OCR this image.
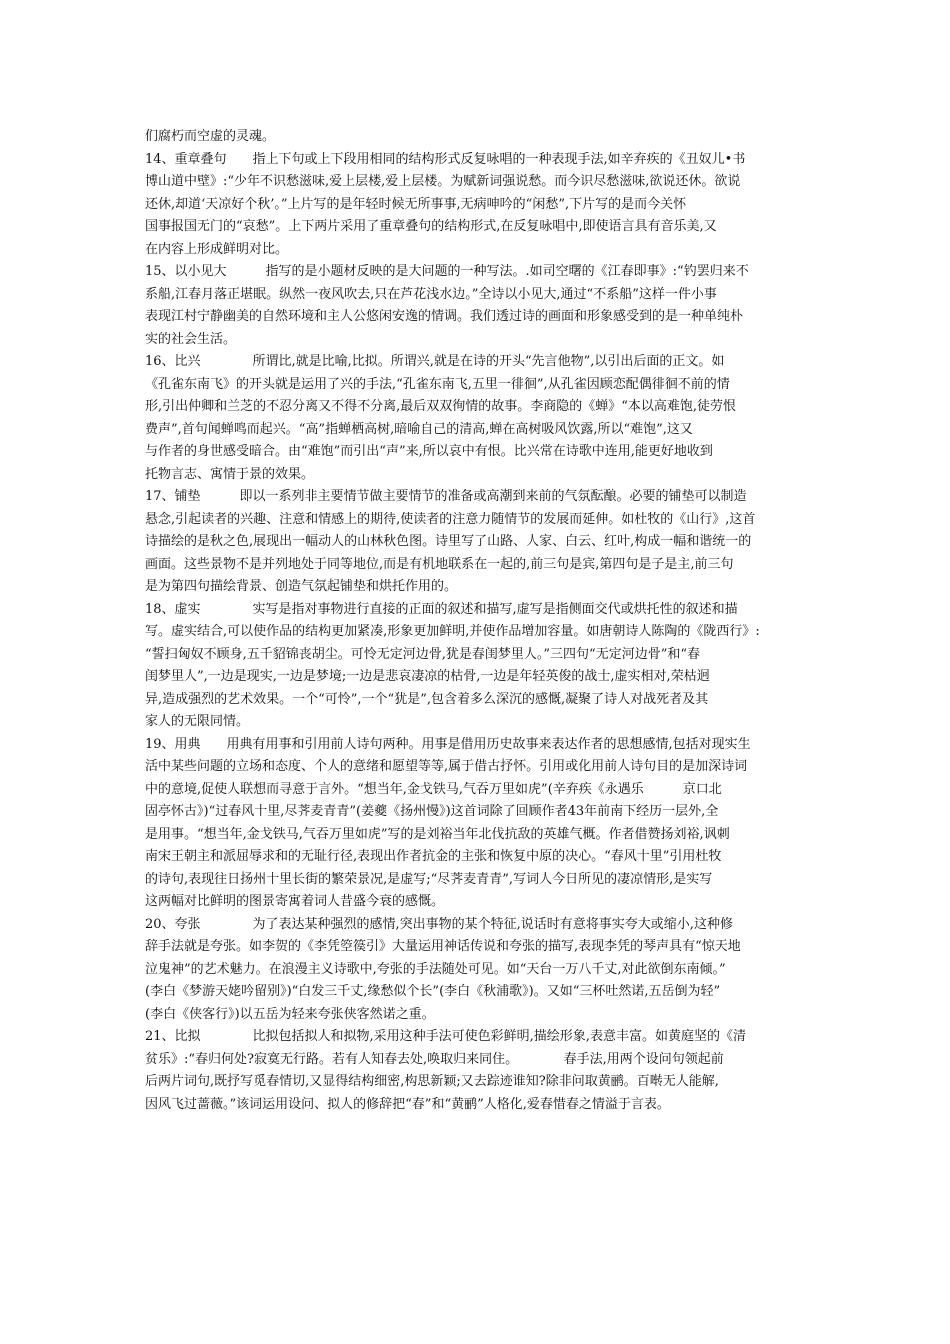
们腐朽而空虚的灵魂。
14、重章叠句　　指上下句或上下段用相同的结构形式反复咏唱的一种表现手法,如辛弃疾的《丑奴儿•书
博山道中壁》:“少年不识愁滋味,爱上层楼,爱上层楼。为赋新词强说愁。而今识尽愁滋味,欲说还休。欲说
还休,却道‘天凉好个秋’。”上片写的是年轻时候无所事事,无病呻吟的“闲愁”,下片写的是而今关怀
国事报国无门的“哀愁”。上下两片采用了重章叠句的结构形式,在反复咏唱中,即使语言具有音乐美,又
在内容上形成鲜明对比。
15、以小见大　　　指写的是小题材反映的是大问题的一种写法。.如司空曙的《江春即事》:“钓罢归来不
系船,江春月落正堪眠。纵然一夜风吹去,只在芦花浅水边。”全诗以小见大,通过“不系船”这样一件小事
表现江村宁静幽美的自然环境和主人公悠闲安逸的情调。我们透过诗的画面和形象感受到的是一种单纯朴
实的社会生活。
16、比兴　　　　所谓比,就是比喻,比拟。所谓兴,就是在诗的开头“先言他物”,以引出后面的正文。如
《孔雀东南飞》的开头就是运用了兴的手法,“孔雀东南飞,五里一徘徊”,从孔雀因顾恋配偶徘徊不前的情
形,引出仲卿和兰芝的不忍分离又不得不分离,最后双双徇情的故事。李商隐的《蝉》“本以高难饱,徒劳恨
费声”,首句闻蝉鸣而起兴。“高”指蝉栖高树,暗喻自己的清高,蝉在高树吸风饮露,所以“难饱”,这又
与作者的身世感受暗合。由“难饱”而引出“声”来,所以哀中有恨。比兴常在诗歌中连用,能更好地收到
托物言志、寓情于景的效果。
17、铺垫　　　即以一系列非主要情节做主要情节的准备或高潮到来前的气氛酝酿。必要的铺垫可以制造
悬念,引起读者的兴趣、注意和情感上的期待,使读者的注意力随情节的发展而延伸。如杜牧的《山行》,这首
诗描绘的是秋之色,展现出一幅动人的山林秋色图。诗里写了山路、人家、白云、红叶,构成一幅和谐统一的
画面。这些景物不是并列地处于同等地位,而是有机地联系在一起的,前三句是宾,第四句是子是主,前三句
是为第四句描绘背景、创造气氛起铺垫和烘托作用的。
18、虚实　　　　实写是指对事物进行直接的正面的叙述和描写,虚写是指侧面交代或烘托性的叙述和描
写。虚实结合,可以使作品的结构更加紧凑,形象更加鲜明,并使作品增加容量。如唐朝诗人陈陶的《陇西行》:
“誓扫匈奴不顾身,五千貂锦丧胡尘。可怜无定河边骨,犹是春闺梦里人。”三四句“无定河边骨”和“春
闺梦里人”,一边是现实,一边是梦境;一边是悲哀凄凉的枯骨,一边是年轻英俊的战士,虚实相对,荣枯迥
异,造成强烈的艺术效果。一个“可怜”,一个“犹是”,包含着多么深沉的感慨,凝聚了诗人对战死者及其
家人的无限同情。
19、用典　　用典有用事和引用前人诗句两种。用事是借用历史故事来表达作者的思想感情,包括对现实生
活中某些问题的立场和态度、个人的意绪和愿望等等,属于借古抒怀。引用或化用前人诗句目的是加深诗词
中的意境,促使人联想而寻意于言外。“想当年,金戈铁马,气吞万里如虎”(辛弃疾《永遇乐　　　京口北
固亭怀古》)“过春风十里,尽荠麦青青”(姜夔《扬州慢》)这首词除了回顾作者43年前南下经历一层外,全
是用事。“想当年,金戈铁马,气吞万里如虎”写的是刘裕当年北伐抗敌的英雄气概。作者借赞扬刘裕,讽刺
南宋王朝主和派屈辱求和的无耻行径,表现出作者抗金的主张和恢复中原的决心。“春风十里”引用杜牧
的诗句,表现往日扬州十里长街的繁荣景况,是虚写;“尽荠麦青青”,写词人今日所见的凄凉情形,是实写
这两幅对比鲜明的图景寄寓着词人昔盛今衰的感慨。
20、夸张　　　　为了表达某种强烈的感情,突出事物的某个特征,说话时有意将事实夸大或缩小,这种修
辞手法就是夸张。如李贺的《李凭箜篌引》大量运用神话传说和夸张的描写,表现李凭的琴声具有“惊天地
泣鬼神”的艺术魅力。在浪漫主义诗歌中,夸张的手法随处可见。如“天台一万八千丈,对此欲倒东南倾。”
(李白《梦游天姥吟留别》)“白发三千丈,缘愁似个长”(李白《秋浦歌》)。又如“三杯吐然诺,五岳倒为轻”
(李白《侠客行》)以五岳为轻来夸张侠客然诺之重。
21、比拟　　　　比拟包括拟人和拟物,采用这种手法可使色彩鲜明,描绘形象,表意丰富。如黄庭坚的《清
贫乐》:“春归何处?寂寞无行路。若有人知春去处,唤取归来同住。　　　　春手法,用两个设问句领起前
后两片词句,既抒写觅春情切,又显得结构细密,构思新颖;又去踪迹谁知?除非问取黄鹂。百啭无人能解,
因风飞过蔷薇。”该词运用设问、拟人的修辞把“春”和“黄鹂”人格化,爱春惜春之情溢于言表。
